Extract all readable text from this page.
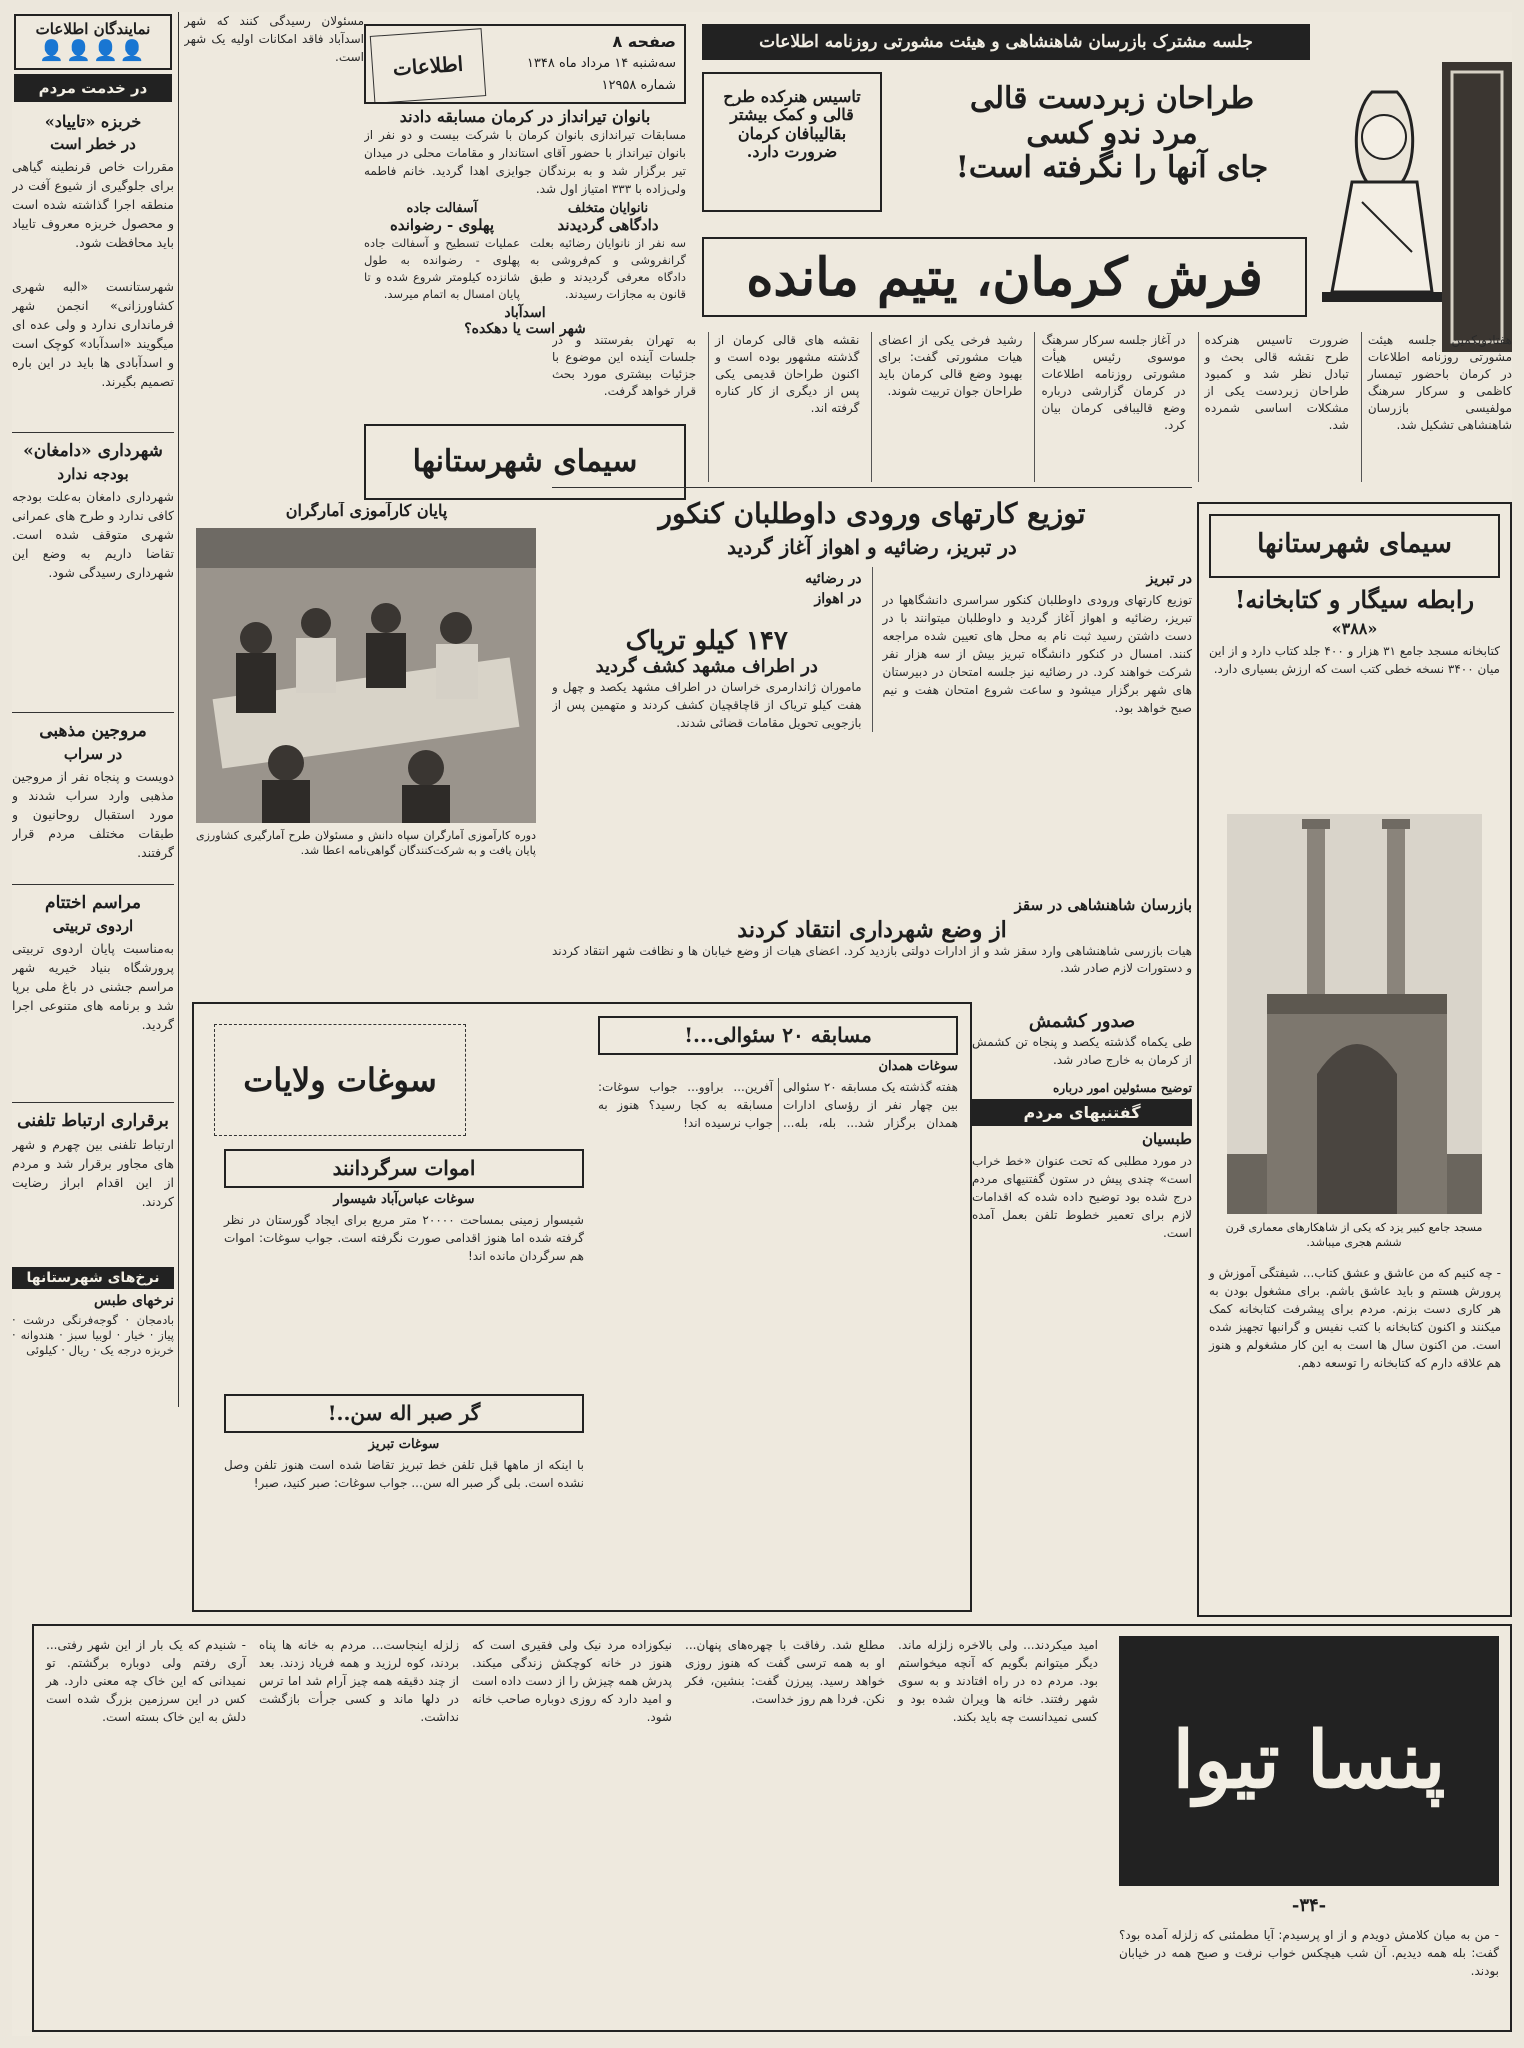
نمایندگان اطلاعات
👤👤👤👤
در خدمت مردم
خربزه «تاییاد»
در خطر است
مقررات خاص قرنطینه گیاهی برای جلوگیری از شیوع آفت در منطقه اجرا گذاشته شده است و محصول خربزه معروف تاییاد باید محافظت شود.
شهرستانست «البه شهری کشاورزانی» انجمن شهر فرمانداری ندارد و ولی عده ای میگویند «اسدآباد» کوچک است و اسدآبادی ها باید در این باره تصمیم بگیرند.
شهرداری «دامغان»
بودجه ندارد
شهرداری دامغان به‌علت بودجه کافی ندارد و طرح های عمرانی شهری متوقف شده است. تقاضا داریم به وضع این شهرداری رسیدگی شود.
مروجین مذهبی
در سراب
دویست و پنجاه نفر از مروجین مذهبی وارد سراب شدند و مورد استقبال روحانیون و طبقات مختلف مردم قرار گرفتند.
مراسم اختتام
اردوی تربیتی
به‌مناسبت پایان اردوی تربیتی پرورشگاه بنیاد خیریه شهر مراسم جشنی در باغ ملی برپا شد و برنامه های متنوعی اجرا گردید.
برقراری ارتباط تلفنی
ارتباط تلفنی بین چهرم و شهر های مجاور برقرار شد و مردم از این اقدام ابراز رضایت کردند.
نرخ‌های شهرستانها
نرخهای طبس
بادمجان · گوجه‌فرنگی درشت · پیاز · خیار · لوبیا سبز · هندوانه · خربزه درجه یک · ریال · کیلوئی
مسئولان رسیدگی کنند که شهر اسدآباد فاقد امکانات اولیه یک شهر است.
صفحه ۸
سه‌شنبه ۱۴ مرداد ماه ۱۳۴۸
شماره ۱۲۹۵۸
اطلاعات
بانوان تیرانداز در کرمان مسابقه دادند
مسابقات تیراندازی بانوان کرمان با شرکت بیست و دو نفر از بانوان تیرانداز با حضور آقای استاندار و مقامات محلی در میدان تیر برگزار شد و به برندگان جوایزی اهدا گردید. خانم فاطمه ولی‌زاده با ۳۳۳ امتیاز اول شد.
نانوایان متخلف
دادگاهی گردیدند
سه نفر از نانوایان رضائیه بعلت گرانفروشی و کم‌فروشی به دادگاه معرفی گردیدند و طبق قانون به مجازات رسیدند.
آسفالت جاده
پهلوی - رضوانده
عملیات تسطیح و آسفالت جاده پهلوی - رضوانده به طول شانزده کیلومتر شروع شده و تا پایان امسال به اتمام میرسد.
اسدآباد
شهر است یا دهکده؟
سیمای شهرستانها
پایان کارآموزی آمارگران
دوره کارآموزی آمارگران سپاه دانش و مسئولان طرح آمارگیری کشاورزی پایان یافت و به شرکت‌کنندگان گواهی‌نامه اعطا شد.
جلسه مشترک بازرسان شاهنشاهی و هیئت مشورتی روزنامه اطلاعات
تاسیس هنرکده طرح قالی و کمک بیشتر بقالیبافان کرمان ضرورت دارد.
طراحان زبردست قالی
مرد ندو کسی
جای آنها را نگرفته است!
فرش کرمان، یتیم مانده
هفتادویکمین جلسه هیئت مشورتی روزنامه اطلاعات در کرمان باحضور تیمسار کاظمی و سرکار سرهنگ مولفیسی بازرسان شاهنشاهی تشکیل شد.
ضرورت تاسیس هنرکده طرح نقشه قالی بحث و تبادل نظر شد و کمبود طراحان زبردست یکی از مشکلات اساسی شمرده شد.
در آغاز جلسه سرکار سرهنگ موسوی رئیس هیأت مشورتی روزنامه اطلاعات در کرمان گزارشی درباره وضع قالیبافی کرمان بیان کرد.
رشید فرخی یکی از اعضای هیات مشورتی گفت: برای بهبود وضع قالی کرمان باید طراحان جوان تربیت شوند.
نقشه های قالی کرمان از گذشته مشهور بوده است و اکنون طراحان قدیمی یکی پس از دیگری از کار کناره گرفته اند.
به تهران بفرستند و در جلسات آینده این موضوع با جزئیات بیشتری مورد بحث قرار خواهد گرفت.
توزیع کارتهای ورودی داوطلبان کنکور
در تبریز، رضائیه و اهواز آغاز گردید
در تبریز
توزیع کارتهای ورودی داوطلبان کنکور سراسری دانشگاهها در تبریز، رضائیه و اهواز آغاز گردید و داوطلبان میتوانند با در دست داشتن رسید ثبت نام به محل های تعیین شده مراجعه کنند. امسال در کنکور دانشگاه تبریز بیش از سه هزار نفر شرکت خواهند کرد. در رضائیه نیز جلسه امتحان در دبیرستان های شهر برگزار میشود و ساعت شروع امتحان هفت و نیم صبح خواهد بود.
در رضائیه
در اهواز
۱۴۷ کیلو تریاک
در اطراف مشهد کشف گردید
ماموران ژاندارمری خراسان در اطراف مشهد یکصد و چهل و هفت کیلو تریاک از قاچاقچیان کشف کردند و متهمین پس از بازجویی تحویل مقامات قضائی شدند.
بازرسان شاهنشاهی در سقز
از وضع شهرداری انتقاد کردند
هیات بازرسی شاهنشاهی وارد سقز شد و از ادارات دولتی بازدید کرد. اعضای هیات از وضع خیابان ها و نظافت شهر انتقاد کردند و دستورات لازم صادر شد.
سیمای شهرستانها
رابطه سیگار و کتابخانه!
«۳۸۸»
کتابخانه مسجد جامع ۳۱ هزار و ۴۰۰ جلد کتاب دارد و از این میان ۳۴۰۰ نسخه خطی کتب است که ارزش بسیاری دارد.
مسجد جامع کبیر یزد که یکی از شاهکارهای معماری قرن ششم هجری میباشد.
- چه کنیم که من عاشق و عشق کتاب... شیفتگی آموزش و پرورش هستم و باید عاشق باشم. برای مشغول بودن به هر کاری دست بزنم. مردم برای پیشرفت کتابخانه کمک میکنند و اکنون کتابخانه با کتب نفیس و گرانبها تجهیز شده است. من اکنون سال ها است به این کار مشغولم و هنوز هم علاقه دارم که کتابخانه را توسعه دهم.
صدور کشمش
طی یکماه گذشته یکصد و پنجاه تن کشمش از کرمان به خارج صادر شد.
توضیح مسئولین امور درباره
گفتنیهای مردم
طبسیان
در مورد مطلبی که تحت عنوان «خط خراب است» چندی پیش در ستون گفتنیهای مردم درج شده بود توضیح داده شده که اقدامات لازم برای تعمیر خطوط تلفن بعمل آمده است.
سوغات ولایات
مسابقه ۲۰ سئوالی...!
سوغات همدان
هفته گذشته یک مسابقه ۲۰ سئوالی بین چهار نفر از رؤسای ادارات همدان برگزار شد... بله، بله... آفرین... براوو... جواب سوغات: مسابقه به کجا رسید؟ هنوز به جواب نرسیده اند!
اموات سرگردانند
سوغات عباس‌آباد شیسوار
شیسوار زمینی بمساحت ۲۰۰۰۰ متر مربع برای ایجاد گورستان در نظر گرفته شده اما هنوز اقدامی صورت نگرفته است. جواب سوغات: اموات هم سرگردان مانده اند!
گر صبر اله سن..!
سوغات تبریز
با اینکه از ماهها قبل تلفن خط تبریز تقاضا شده است هنوز تلفن وصل نشده است. بلی گر صبر اله سن... جواب سوغات: صبر کنید، صبر!
- شنیدم که یک بار از این شهر رفتی... آری رفتم ولی دوباره برگشتم. تو نمیدانی که این خاک چه معنی دارد. هر کس در این سرزمین بزرگ شده است دلش به این خاک بسته است.
زلزله اینجاست... مردم به خانه ها پناه بردند، کوه لرزید و همه فریاد زدند. بعد از چند دقیقه همه چیز آرام شد اما ترس در دلها ماند و کسی جرأت بازگشت نداشت.
نیکوزاده مرد نیک ولی فقیری است که هنوز در خانه کوچکش زندگی میکند. پدرش همه چیزش را از دست داده است و امید دارد که روزی دوباره صاحب خانه شود.
مطلع شد. رفاقت با چهره‌های پنهان... او به همه ترسی گفت که هنوز روزی خواهد رسید. پیرزن گفت: بنشین، فکر نکن. فردا هم روز خداست.
امید میکردند... ولی بالاخره زلزله ماند. دیگر میتوانم بگویم که آنچه میخواستم بود. مردم ده در راه افتادند و به سوی شهر رفتند. خانه ها ویران شده بود و کسی نمیدانست چه باید بکند. پنسا تیوا
-۳۴-
- من به میان کلامش دویدم و از او پرسیدم: آیا مطمئنی که زلزله آمده بود؟ گفت: بله همه دیدیم. آن شب هیچکس خواب نرفت و صبح همه در خیابان بودند.
